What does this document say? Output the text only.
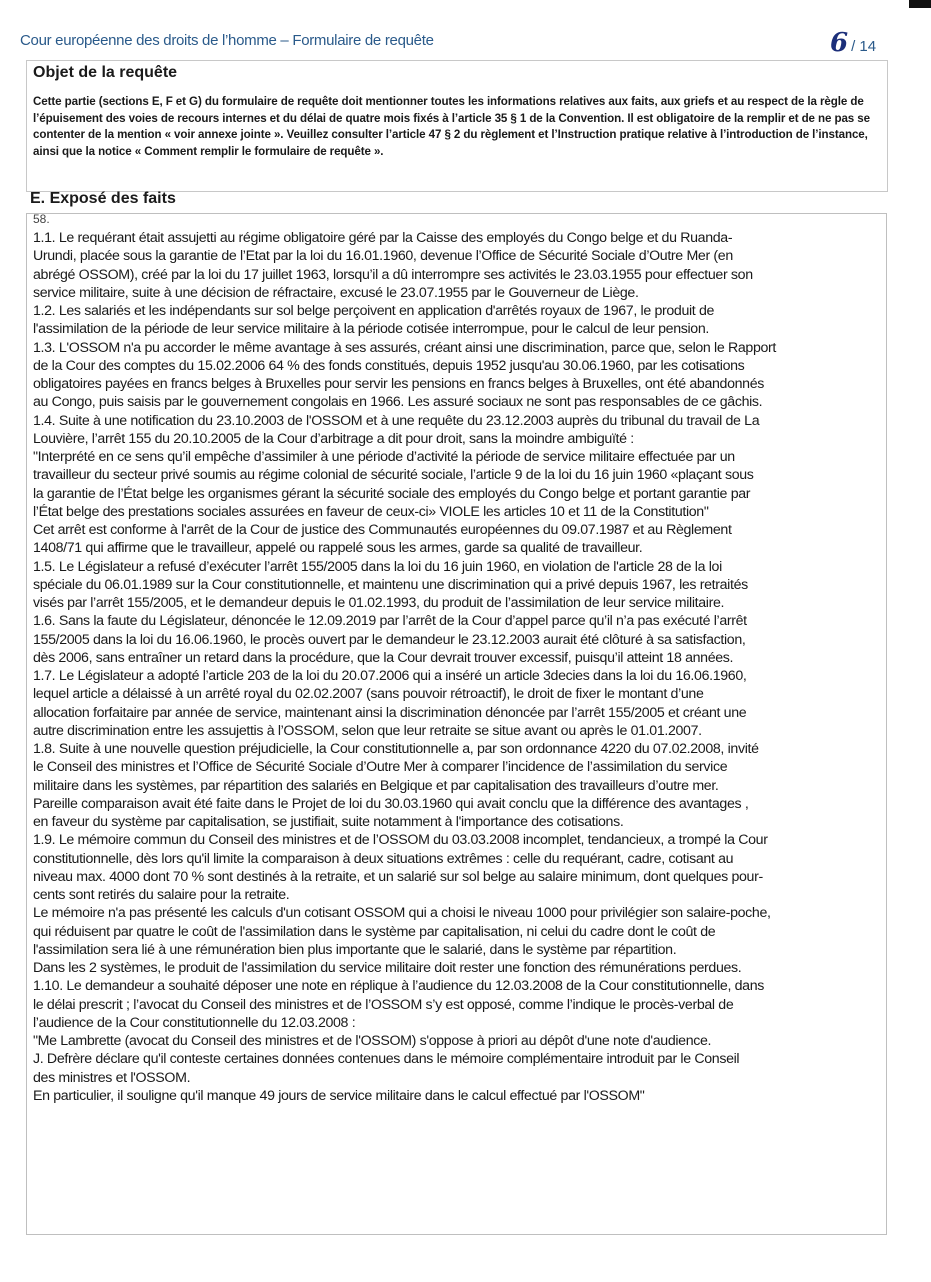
Cour européenne des droits de l’homme – Formulaire de requête	6 / 14
Objet de la requête
Cette partie (sections E, F et G) du formulaire de requête doit mentionner toutes les informations relatives aux faits, aux griefs et au respect de la règle de l’épuisement des voies de recours internes et du délai de quatre mois fixés à l’article 35 § 1 de la Convention. Il est obligatoire de la remplir et de ne pas se contenter de la mention « voir annexe jointe ». Veuillez consulter l’article 47 § 2 du règlement et l’Instruction pratique relative à l’introduction de l’instance, ainsi que la notice « Comment remplir le formulaire de requête ».
E. Exposé des faits
58.
1.1. Le requérant était assujetti au régime obligatoire géré par la Caisse des employés du Congo belge et du Ruanda-
Urundi, placée sous la garantie de l’Etat par la loi du 16.01.1960, devenue l’Office de Sécurité Sociale d’Outre Mer (en
abrégé OSSOM), créé par la loi du 17 juillet 1963, lorsqu’il a dû interrompre ses activités le 23.03.1955 pour effectuer son
service militaire, suite à une décision de réfractaire, excusé le 23.07.1955 par le Gouverneur de Liège.
1.2. Les salariés et les indépendants sur sol belge perçoivent en application d'arrêtés royaux de 1967, le produit de
l'assimilation de la période de leur service militaire à la période cotisée interrompue, pour le calcul de leur pension.
1.3. L'OSSOM n'a pu accorder le même avantage à ses assurés, créant ainsi une discrimination, parce que, selon le Rapport
de la Cour des comptes du 15.02.2006 64 % des fonds constitués, depuis 1952 jusqu'au 30.06.1960, par les cotisations
obligatoires payées en francs belges à Bruxelles pour servir les pensions en francs belges à Bruxelles, ont été abandonnés
au Congo, puis saisis par le gouvernement congolais en 1966. Les assuré sociaux ne sont pas responsables de ce gâchis.
1.4. Suite à une notification du 23.10.2003 de l'OSSOM et à une requête du 23.12.2003 auprès du tribunal du travail de La
Louvière, l’arrêt 155 du 20.10.2005 de la Cour d’arbitrage a dit pour droit, sans la moindre ambiguïté :
"Interprété en ce sens qu’il empêche d’assimiler à une période d’activité la période de service militaire effectuée par un
travailleur du secteur privé soumis au régime colonial de sécurité sociale, l’article 9 de la loi du 16 juin 1960 «plaçant sous
la garantie de l’État belge les organismes gérant la sécurité sociale des employés du Congo belge et portant garantie par
l’État belge des prestations sociales assurées en faveur de ceux-ci» VIOLE les articles 10 et 11 de la Constitution"
Cet arrêt est conforme à l'arrêt de la Cour de justice des Communautés européennes du 09.07.1987 et au Règlement
1408/71 qui affirme que le travailleur, appelé ou rappelé sous les armes, garde sa qualité de travailleur.
1.5. Le Législateur a refusé d’exécuter l’arrêt 155/2005 dans la loi du 16 juin 1960, en violation de l'article 28 de la loi
spéciale du 06.01.1989 sur la Cour constitutionnelle, et maintenu une discrimination qui a privé depuis 1967, les retraités
visés par l’arrêt 155/2005, et le demandeur depuis le 01.02.1993, du produit de l’assimilation de leur service militaire.
1.6. Sans la faute du Législateur, dénoncée le 12.09.2019 par l’arrêt de la Cour d’appel parce qu’il n’a pas exécuté l’arrêt
155/2005 dans la loi du 16.06.1960, le procès ouvert par le demandeur le 23.12.2003 aurait été clôturé à sa satisfaction,
dès 2006, sans entraîner un retard dans la procédure, que la Cour devrait trouver excessif, puisqu’il atteint 18 années.
1.7. Le Législateur a adopté l’article 203 de la loi du 20.07.2006 qui a inséré un article 3decies dans la loi du 16.06.1960,
lequel article a délaissé à un arrêté royal du 02.02.2007 (sans pouvoir rétroactif), le droit de fixer le montant d’une
allocation forfaitaire par année de service, maintenant ainsi la discrimination dénoncée par l’arrêt 155/2005 et créant une
autre discrimination entre les assujettis à l’OSSOM, selon que leur retraite se situe avant ou après le 01.01.2007.
1.8. Suite à une nouvelle question préjudicielle, la Cour constitutionnelle a, par son ordonnance 4220 du 07.02.2008, invité
le Conseil des ministres et l’Office de Sécurité Sociale d’Outre Mer à comparer l’incidence de l’assimilation du service
militaire dans les systèmes, par répartition des salariés en Belgique et par capitalisation des travailleurs d’outre mer.
Pareille comparaison avait été faite dans le Projet de loi du 30.03.1960 qui avait conclu que la différence des avantages ,
en faveur du système par capitalisation, se justifiait, suite notamment à l'importance des cotisations.
1.9. Le mémoire commun du Conseil des ministres et de l’OSSOM du 03.03.2008 incomplet, tendancieux, a trompé la Cour
constitutionnelle, dès lors qu'il limite la comparaison à deux situations extrêmes : celle du requérant, cadre, cotisant au
niveau max. 4000 dont 70 % sont destinés à la retraite, et un salarié sur sol belge au salaire minimum, dont quelques pour-
cents sont retirés du salaire pour la retraite.
Le mémoire n'a pas présenté les calculs d'un cotisant OSSOM qui a choisi le niveau 1000 pour privilégier son salaire-poche,
qui réduisent par quatre le coût de l'assimilation dans le système par capitalisation, ni celui du cadre dont le coût de
l'assimilation sera lié à une rémunération bien plus importante que le salarié, dans le système par répartition.
Dans les 2 systèmes, le produit de l'assimilation du service militaire doit rester une fonction des rémunérations perdues.
1.10. Le demandeur a souhaité déposer une note en réplique à l’audience du 12.03.2008 de la Cour constitutionnelle, dans
le délai prescrit ; l’avocat du Conseil des ministres et de l’OSSOM s’y est opposé, comme l’indique le procès-verbal de
l’audience de la Cour constitutionnelle du 12.03.2008 :
"Me Lambrette (avocat du Conseil des ministres et de l'OSSOM) s'oppose à priori au dépôt d'une note d'audience.
J. Defrère déclare qu'il conteste certaines données contenues dans le mémoire complémentaire introduit par le Conseil
des ministres et l'OSSOM.
En particulier, il souligne qu'il manque 49 jours de service militaire dans le calcul effectué par l'OSSOM"
